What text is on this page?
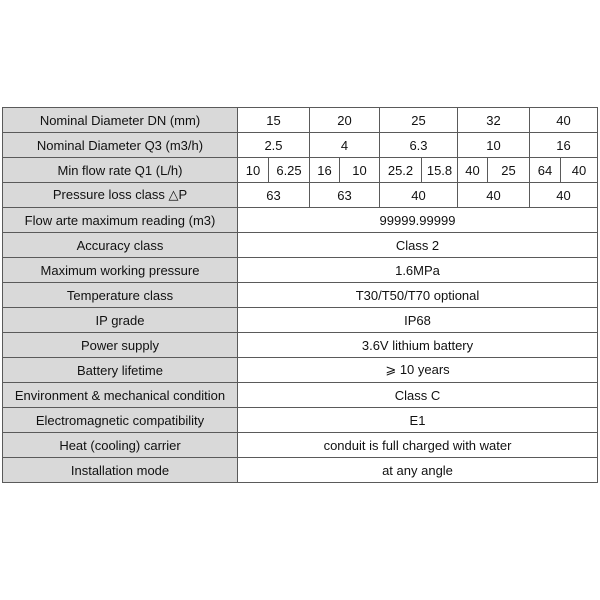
Nominal Diameter DN (mm)	15		20		25		32		40	
Nominal Diameter Q3 (m3/h)	2.5		4		6.3		10		16	
Min flow rate Q1 (L/h)	10	6.25	16	10	25.2	15.8	40	25	64	40
Pressure loss class △P	63		63		40		40		40	
Flow arte maximum reading (m3)	99999.99999									
Accuracy class	Class 2									
Maximum working pressure	1.6MPa									
Temperature class	T30/T50/T70 optional									
IP grade	IP68									
Power supply	3.6V lithium battery									
Battery lifetime	⩾ 10 years									
Environment & mechanical condition	Class C									
Electromagnetic compatibility	E1									
Heat (cooling) carrier	conduit is full charged with water									
Installation mode	at any angle									
